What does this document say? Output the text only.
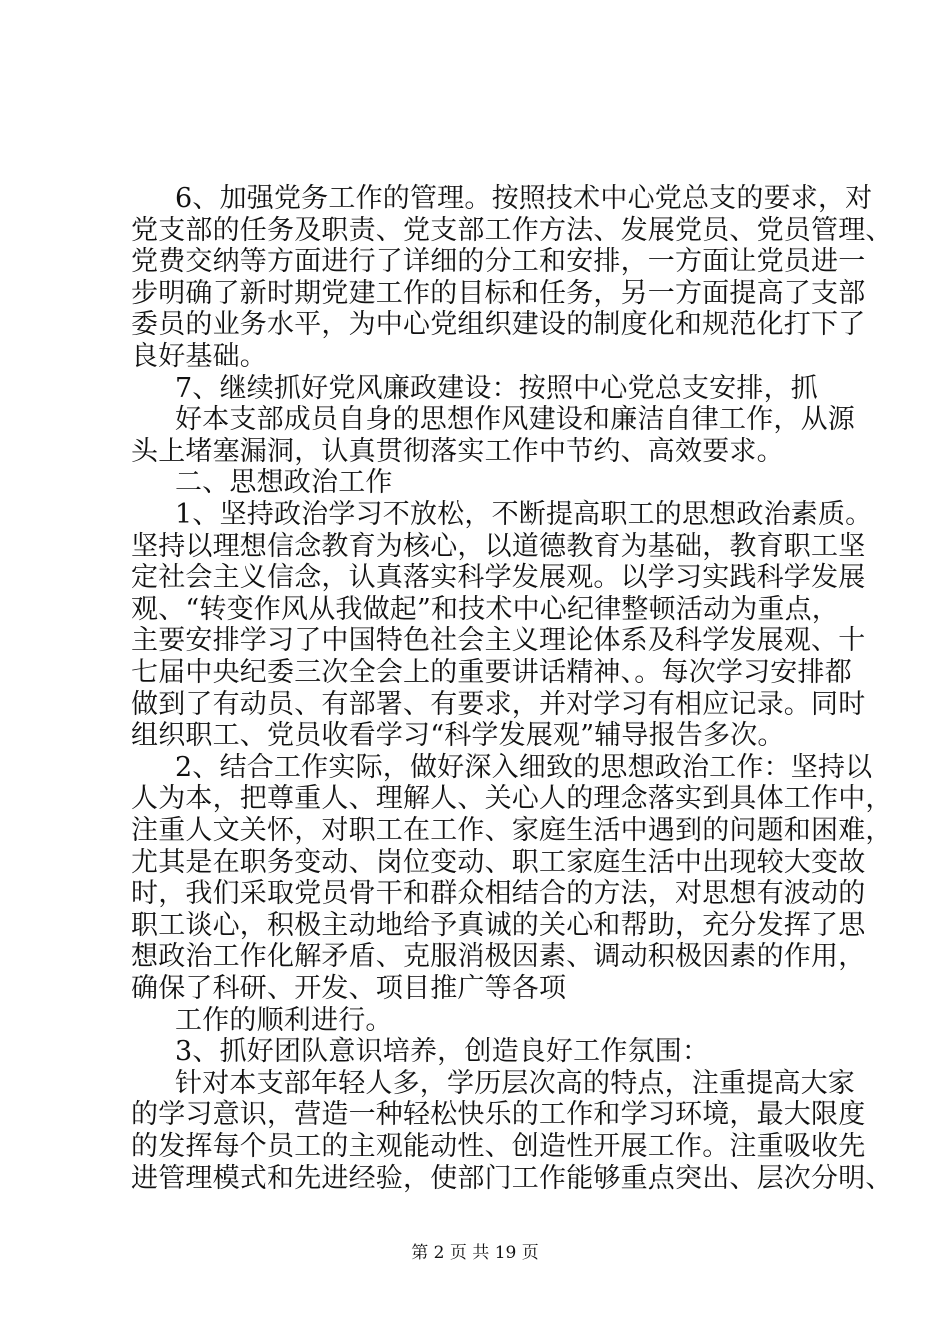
6、加强党务工作的管理。按照技术中心党总支的要求，对
党支部的任务及职责、党支部工作方法、发展党员、党员管理、
党费交纳等方面进行了详细的分工和安排，一方面让党员进一
步明确了新时期党建工作的目标和任务，另一方面提高了支部
委员的业务水平，为中心党组织建设的制度化和规范化打下了
良好基础。
7、继续抓好党风廉政建设：按照中心党总支安排，抓
好本支部成员自身的思想作风建设和廉洁自律工作，从源
头上堵塞漏洞，认真贯彻落实工作中节约、高效要求。
二、思想政治工作
1、坚持政治学习不放松，不断提高职工的思想政治素质。
坚持以理想信念教育为核心，以道德教育为基础，教育职工坚
定社会主义信念，认真落实科学发展观。以学习实践科学发展
观、“转变作风从我做起”和技术中心纪律整顿活动为重点，
主要安排学习了中国特色社会主义理论体系及科学发展观、十
七届中央纪委三次全会上的重要讲话精神、。每次学习安排都
做到了有动员、有部署、有要求，并对学习有相应记录。同时
组织职工、党员收看学习“科学发展观”辅导报告多次。
2、结合工作实际，做好深入细致的思想政治工作：坚持以
人为本，把尊重人、理解人、关心人的理念落实到具体工作中，
注重人文关怀，对职工在工作、家庭生活中遇到的问题和困难，
尤其是在职务变动、岗位变动、职工家庭生活中出现较大变故
时，我们采取党员骨干和群众相结合的方法，对思想有波动的
职工谈心，积极主动地给予真诚的关心和帮助，充分发挥了思
想政治工作化解矛盾、克服消极因素、调动积极因素的作用，
确保了科研、开发、项目推广等各项
工作的顺利进行。
3、抓好团队意识培养，创造良好工作氛围：
针对本支部年轻人多，学历层次高的特点，注重提高大家
的学习意识，营造一种轻松快乐的工作和学习环境，最大限度
的发挥每个员工的主观能动性、创造性开展工作。注重吸收先
进管理模式和先进经验，使部门工作能够重点突出、层次分明、
第 2 页 共 19 页
